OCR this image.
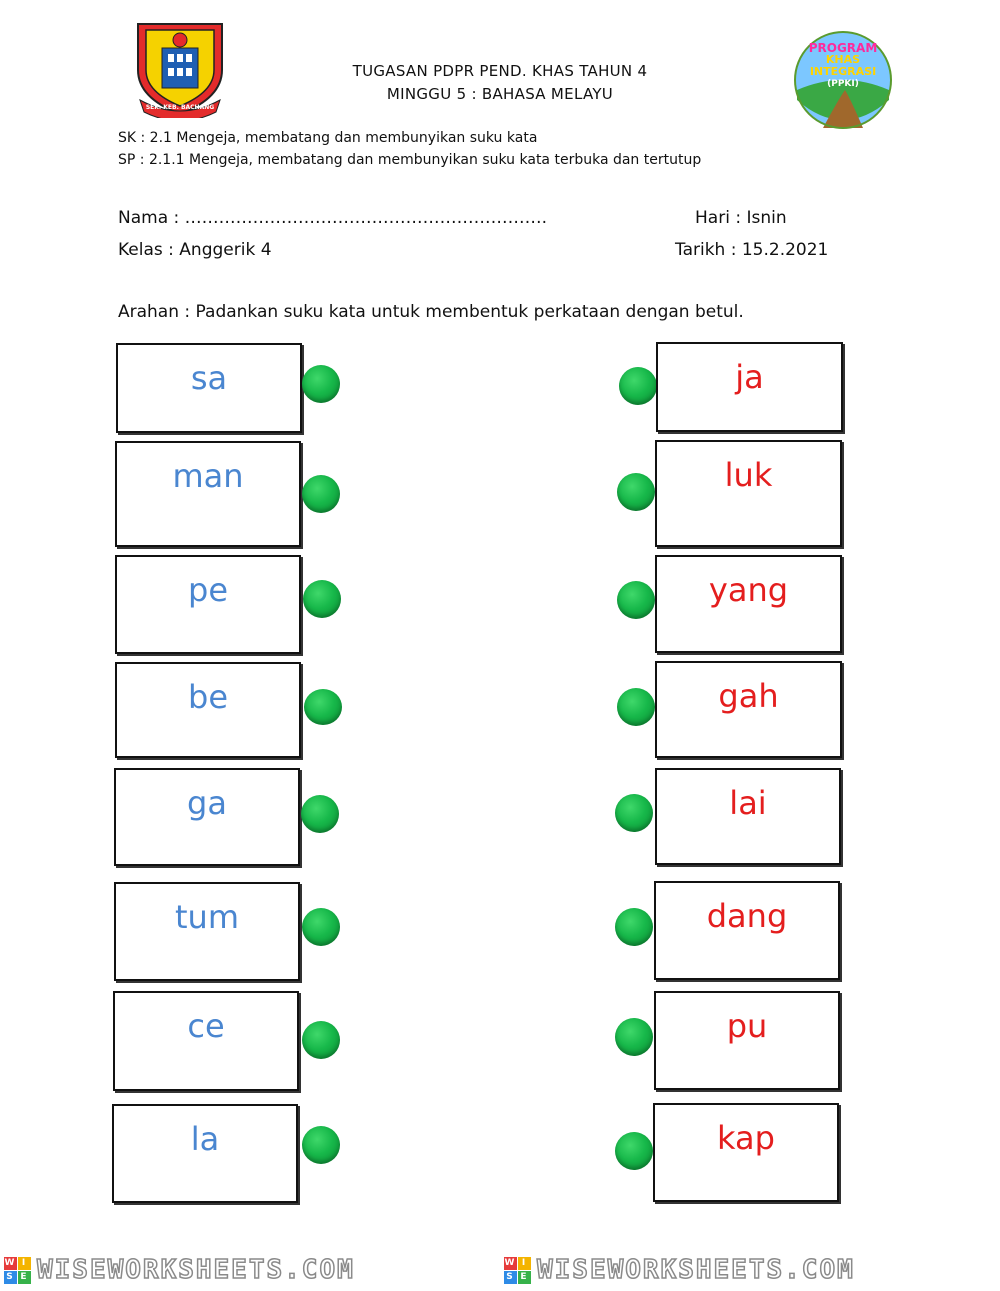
SEK. KEB. BACHANG
PROGRAM
KHAS
INTEGRASI
(PPKI)
TUGASAN PDPR PEND. KHAS TAHUN 4
MINGGU 5 : BAHASA MELAYU
SK : 2.1 Mengeja, membatang dan membunyikan suku kata
SP : 2.1.1 Mengeja, membatang dan membunyikan suku kata terbuka dan tertutup
Nama : ……………………………………………………….	Hari : Isnin
Kelas : Anggerik 4	Tarikh : 15.2.2021
Arahan : Padankan suku kata untuk membentuk perkataan dengan betul.
sa
man
pe
be
ga
tum
ce
la
ja
luk
yang
gah
lai
dang
pu
kap
W I
S E WISEWORKSHEETS.COM	W I
S E WISEWORKSHEETS.COM
